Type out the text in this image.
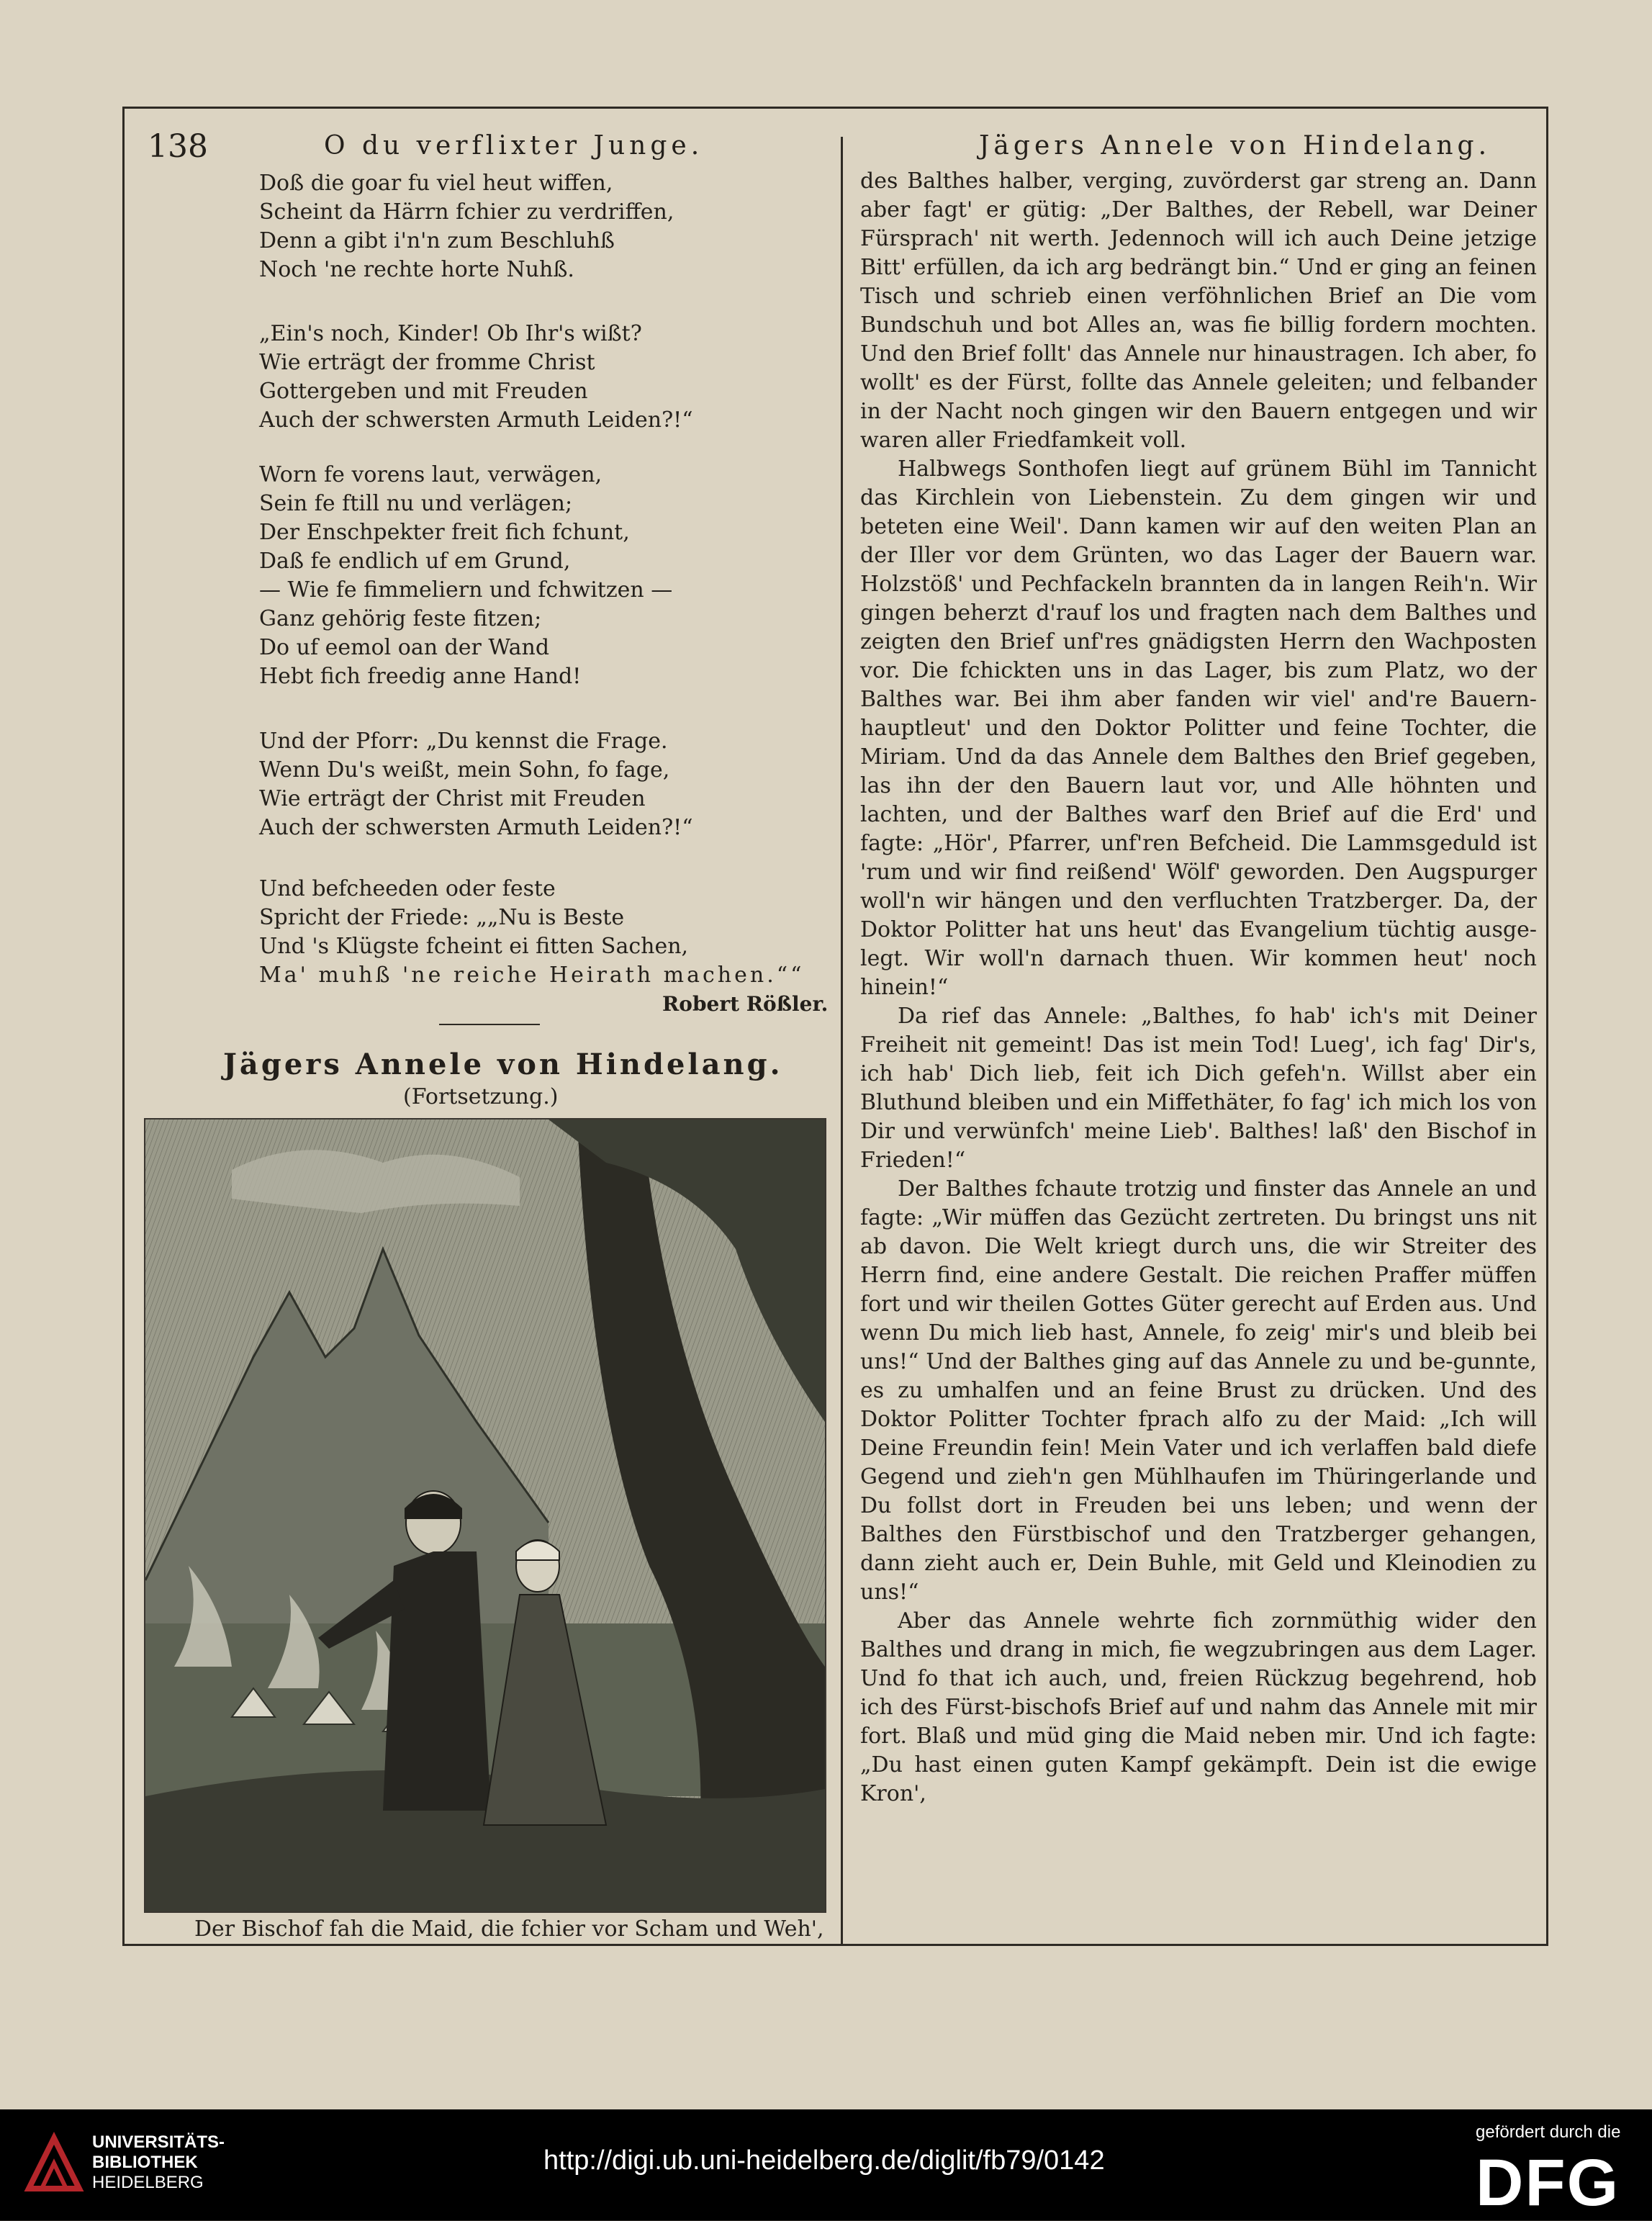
138	O du verflixter Junge.	Jägers Annele von Hindelang.
Doß die goar fu viel heut wiffen,
Scheint da Härrn fchier zu verdriffen,
Denn a gibt i'n'n zum Beschluhß
Noch 'ne rechte horte Nuhß.
„Ein's noch, Kinder! Ob Ihr's wißt?
Wie erträgt der fromme Christ
Gottergeben und mit Freuden
Auch der schwersten Armuth Leiden?!“
Worn fe vorens laut, verwägen,
Sein fe ftill nu und verlägen;
Der Enschpekter freit fich fchunt,
Daß fe endlich uf em Grund,
— Wie fe fimmeliern und fchwitzen —
Ganz gehörig feste fitzen;
Do uf eemol oan der Wand
Hebt fich freedig anne Hand!
Und der Pforr: „Du kennst die Frage.
Wenn Du's weißt, mein Sohn, fo fage,
Wie erträgt der Christ mit Freuden
Auch der schwersten Armuth Leiden?!“
Und befcheeden oder feste
Spricht der Friede: „„Nu is Beste
Und 's Klügste fcheint ei fitten Sachen,
Ma' muhß 'ne reiche Heirath machen.““
Robert Rößler.
Jägers Annele von Hindelang.
(Fortsetzung.)
Der Bischof fah die Maid, die fchier vor Scham und Weh',

des Balthes halber, verging, zuvörderst gar streng an. Dann aber fagt' er gütig: „Der Balthes, der Rebell, war Deiner Fürsprach' nit werth. Jedennoch will ich auch Deine jetzige Bitt' erfüllen, da ich arg bedrängt bin.“ Und er ging an feinen Tisch und schrieb einen verföhnlichen Brief an Die vom Bundschuh und bot Alles an, was fie billig fordern mochten. Und den Brief follt' das Annele nur hinaustragen. Ich aber, fo wollt' es der Fürst, follte das Annele geleiten; und felbander in der Nacht noch gingen wir den Bauern entgegen und wir waren aller Friedfamkeit voll.

Halbwegs Sonthofen liegt auf grünem Bühl im Tannicht das Kirchlein von Liebenstein. Zu dem gingen wir und beteten eine Weil'. Dann kamen wir auf den weiten Plan an der Iller vor dem Grünten, wo das Lager der Bauern war. Holzstöß' und Pechfackeln brannten da in langen Reih'n. Wir gingen beherzt d'rauf los und fragten nach dem Balthes und zeigten den Brief unf'res gnädigsten Herrn den Wachposten vor. Die fchickten uns in das Lager, bis zum Platz, wo der Balthes war. Bei ihm aber fanden wir viel' and're Bauern-hauptleut' und den Doktor Politter und feine Tochter, die Miriam. Und da das Annele dem Balthes den Brief gegeben, las ihn der den Bauern laut vor, und Alle höhnten und lachten, und der Balthes warf den Brief auf die Erd' und fagte: „Hör', Pfarrer, unf'ren Befcheid. Die Lammsgeduld ist 'rum und wir find reißend' Wölf' geworden. Den Augspurger woll'n wir hängen und den verfluchten Tratzberger. Da, der Doktor Politter hat uns heut' das Evangelium tüchtig ausge-legt. Wir woll'n darnach thuen. Wir kommen heut' noch hinein!“

Da rief das Annele: „Balthes, fo hab' ich's mit Deiner Freiheit nit gemeint! Das ist mein Tod! Lueg', ich fag' Dir's, ich hab' Dich lieb, feit ich Dich gefeh'n. Willst aber ein Bluthund bleiben und ein Miffethäter, fo fag' ich mich los von Dir und verwünfch' meine Lieb'. Balthes! laß' den Bischof in Frieden!“

Der Balthes fchaute trotzig und finster das Annele an und fagte: „Wir müffen das Gezücht zertreten. Du bringst uns nit ab davon. Die Welt kriegt durch uns, die wir Streiter des Herrn find, eine andere Gestalt. Die reichen Praffer müffen fort und wir theilen Gottes Güter gerecht auf Erden aus. Und wenn Du mich lieb hast, Annele, fo zeig' mir's und bleib bei uns!“ Und der Balthes ging auf das Annele zu und be-gunnte, es zu umhalfen und an feine Brust zu drücken. Und des Doktor Politter Tochter fprach alfo zu der Maid: „Ich will Deine Freundin fein! Mein Vater und ich verlaffen bald diefe Gegend und zieh'n gen Mühlhaufen im Thüringerlande und Du follst dort in Freuden bei uns leben; und wenn der Balthes den Fürstbischof und den Tratzberger gehangen, dann zieht auch er, Dein Buhle, mit Geld und Kleinodien zu uns!“

Aber das Annele wehrte fich zornmüthig wider den Balthes und drang in mich, fie wegzubringen aus dem Lager. Und fo that ich auch, und, freien Rückzug begehrend, hob ich des Fürst-bischofs Brief auf und nahm das Annele mit mir fort. Blaß und müd ging die Maid neben mir. Und ich fagte: „Du hast einen guten Kampf gekämpft. Dein ist die ewige Kron',

UNIVERSITÄTS-
BIBLIOTHEK
HEIDELBERG
http://digi.ub.uni-heidelberg.de/diglit/fb79/0142
gefördert durch die
DFG
